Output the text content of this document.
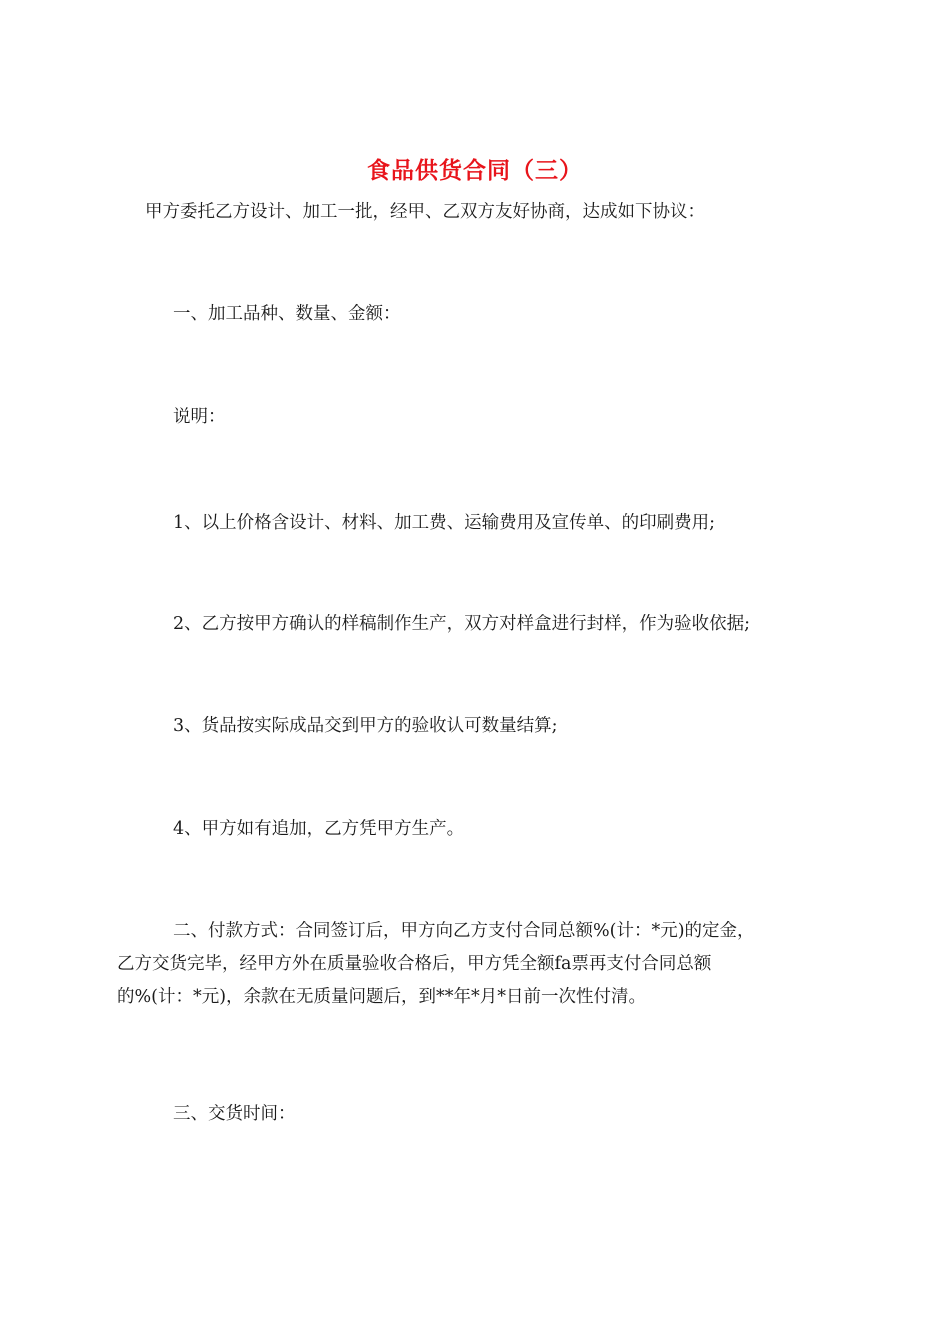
食品供货合同（三）

甲方委托乙方设计、加工一批，经甲、乙双方友好协商，达成如下协议：

一、加工品种、数量、金额：

说明：

1、以上价格含设计、材料、加工费、运输费用及宣传单、的印刷费用;

2、乙方按甲方确认的样稿制作生产，双方对样盒进行封样，作为验收依据;

3、货品按实际成品交到甲方的验收认可数量结算;

4、甲方如有追加，乙方凭甲方生产。

二、付款方式：合同签订后，甲方向乙方支付合同总额%(计：*元)的定金，
乙方交货完毕，经甲方外在质量验收合格后，甲方凭全额fa票再支付合同总额
的%(计：*元)，余款在无质量问题后，到**年*月*日前一次性付清。

三、交货时间：
